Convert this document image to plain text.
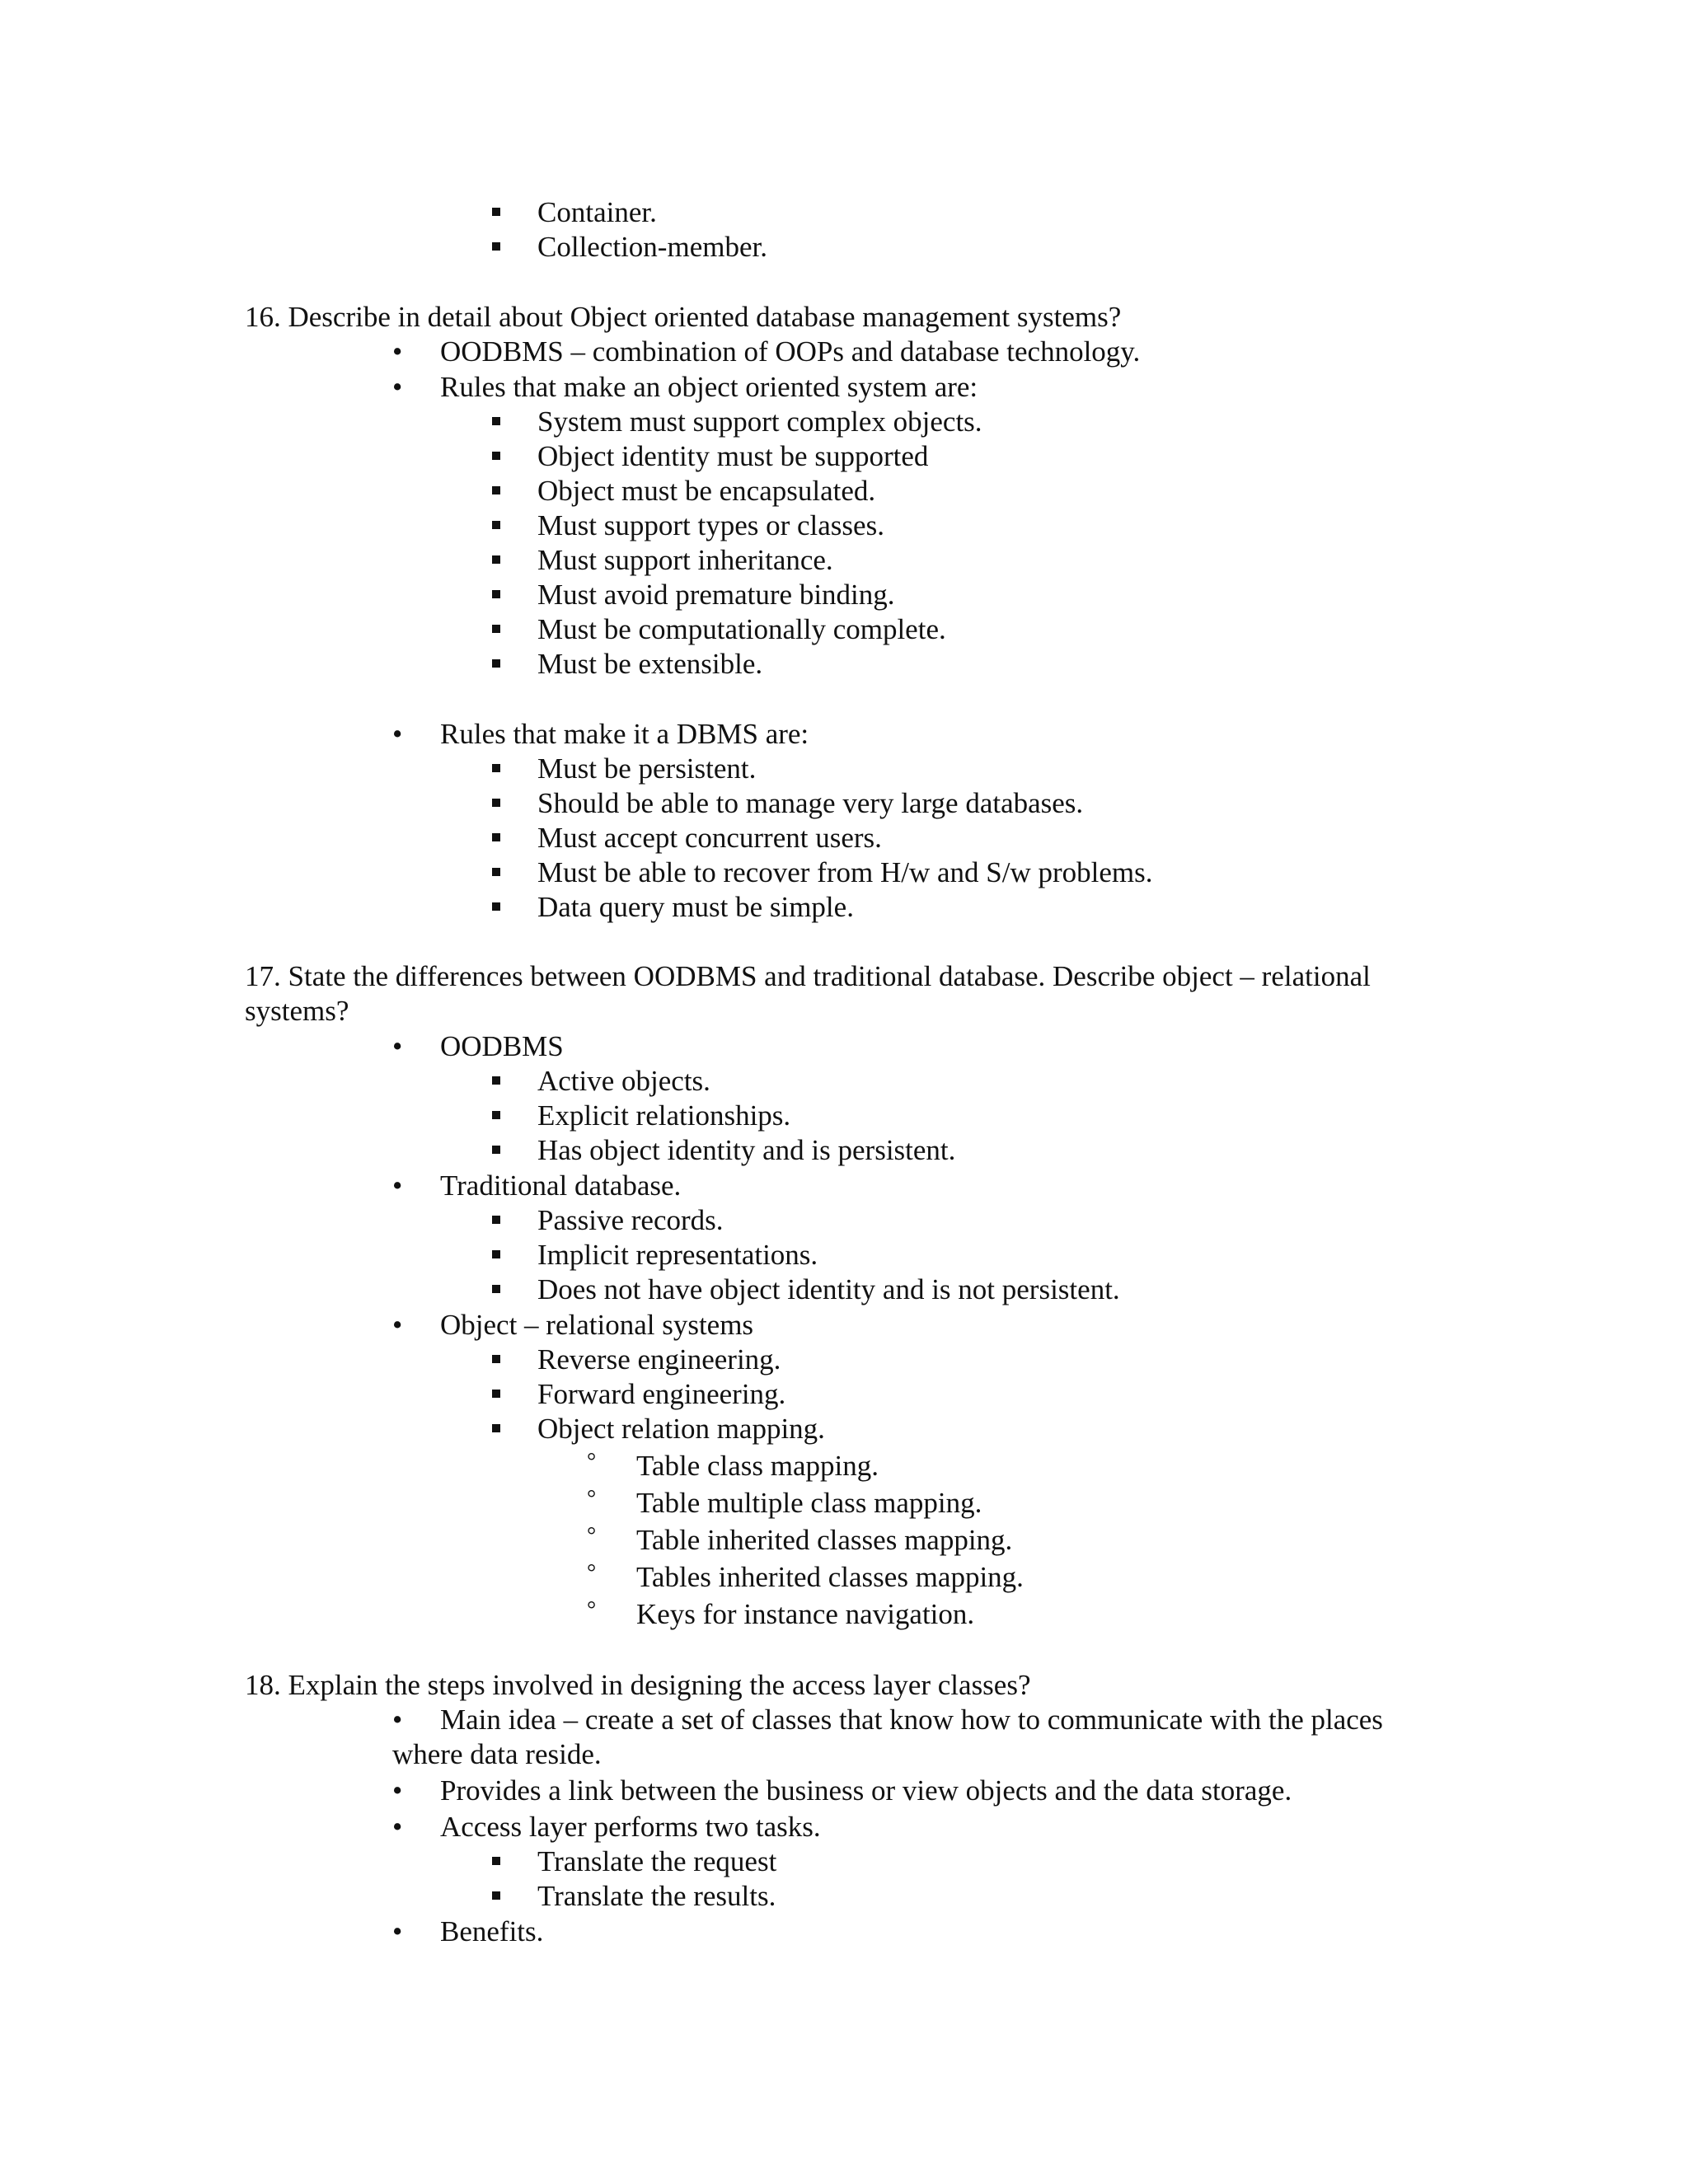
Container.
Collection-member.
16. Describe in detail about Object oriented database management systems?
• OODBMS – combination of OOPs and database technology.
• Rules that make an object oriented system are:
System must support complex objects.
Object identity must be supported
Object must be encapsulated.
Must support types or classes.
Must support inheritance.
Must avoid premature binding.
Must be computationally complete.
Must be extensible.
• Rules that make it a DBMS are:
Must be persistent.
Should be able to manage very large databases.
Must accept concurrent users.
Must be able to recover from H/w and S/w problems.
Data query must be simple.
17. State the differences between OODBMS and traditional database. Describe object – relational
systems?
• OODBMS
Active objects.
Explicit relationships.
Has object identity and is persistent.
• Traditional database.
Passive records.
Implicit representations.
Does not have object identity and is not persistent.
• Object – relational systems
Reverse engineering.
Forward engineering.
Object relation mapping.
° Table class mapping.
° Table multiple class mapping.
° Table inherited classes mapping.
° Tables inherited classes mapping.
° Keys for instance navigation.
18. Explain the steps involved in designing the access layer classes?
• Main idea – create a set of classes that know how to communicate with the places
where data reside.
• Provides a link between the business or view objects and the data storage.
• Access layer performs two tasks.
Translate the request
Translate the results.
• Benefits.
